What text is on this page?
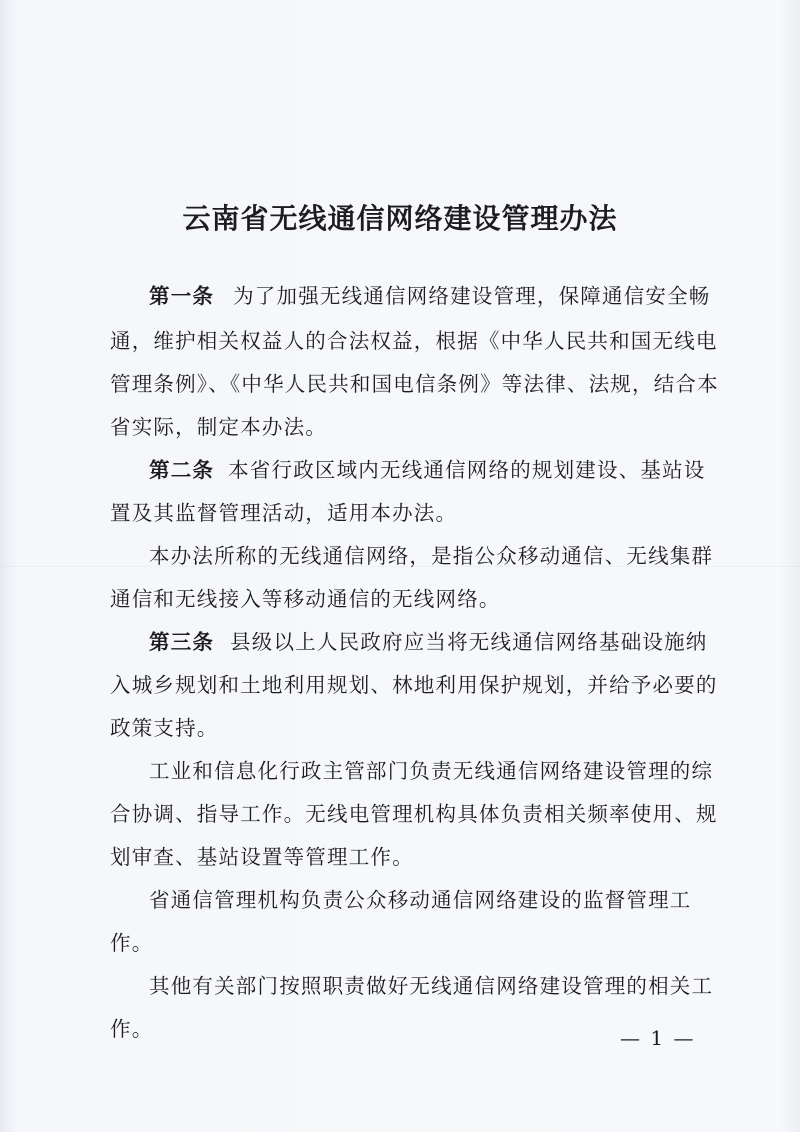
云南省无线通信网络建设管理办法
第一条 为了加强无线通信网络建设管理，保障通信安全畅
通，维护相关权益人的合法权益，根据《中华人民共和国无线电
管理条例》、《中华人民共和国电信条例》等法律、法规，结合本
省实际，制定本办法。
第二条 本省行政区域内无线通信网络的规划建设、基站设
置及其监督管理活动，适用本办法。
本办法所称的无线通信网络，是指公众移动通信、无线集群
通信和无线接入等移动通信的无线网络。
第三条 县级以上人民政府应当将无线通信网络基础设施纳
入城乡规划和土地利用规划、林地利用保护规划，并给予必要的
政策支持。
工业和信息化行政主管部门负责无线通信网络建设管理的综
合协调、指导工作。无线电管理机构具体负责相关频率使用、规
划审查、基站设置等管理工作。
省通信管理机构负责公众移动通信网络建设的监督管理工
作。
其他有关部门按照职责做好无线通信网络建设管理的相关工
作。	— 1 —
